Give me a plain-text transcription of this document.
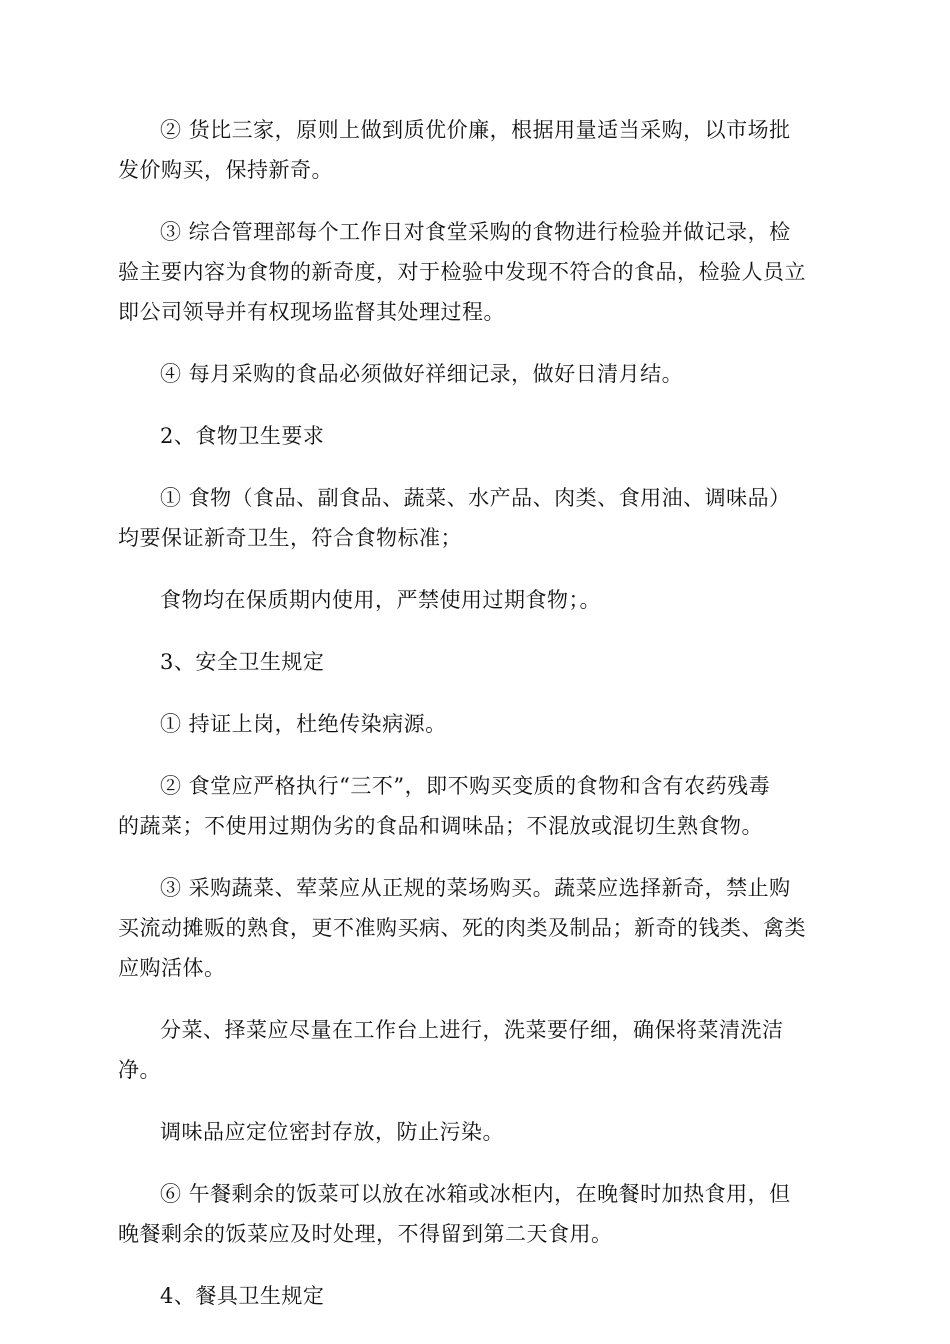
② 货比三家，原则上做到质优价廉，根据用量适当采购，以市场批
发价购买，保持新奇。

③ 综合管理部每个工作日对食堂采购的食物进行检验并做记录，检
验主要内容为食物的新奇度，对于检验中发现不符合的食品，检验人员立
即公司领导并有权现场监督其处理过程。

④ 每月采购的食品必须做好祥细记录，做好日清月结。

2、食物卫生要求

① 食物（食品、副食品、蔬菜、水产品、肉类、食用油、调味品）
均要保证新奇卫生，符合食物标准；

食物均在保质期内使用，严禁使用过期食物；。

3、安全卫生规定

① 持证上岗，杜绝传染病源。

② 食堂应严格执行“三不”，即不购买变质的食物和含有农药残毒
的蔬菜；不使用过期伪劣的食品和调味品；不混放或混切生熟食物。

③ 采购蔬菜、荤菜应从正规的菜场购买。蔬菜应选择新奇，禁止购
买流动摊贩的熟食，更不准购买病、死的肉类及制品；新奇的钱类、禽类
应购活体。

分菜、择菜应尽量在工作台上进行，洗菜要仔细，确保将菜清洗洁
净。

调味品应定位密封存放，防止污染。

⑥ 午餐剩余的饭菜可以放在冰箱或冰柜内，在晚餐时加热食用，但
晚餐剩余的饭菜应及时处理，不得留到第二天食用。

4、餐具卫生规定
